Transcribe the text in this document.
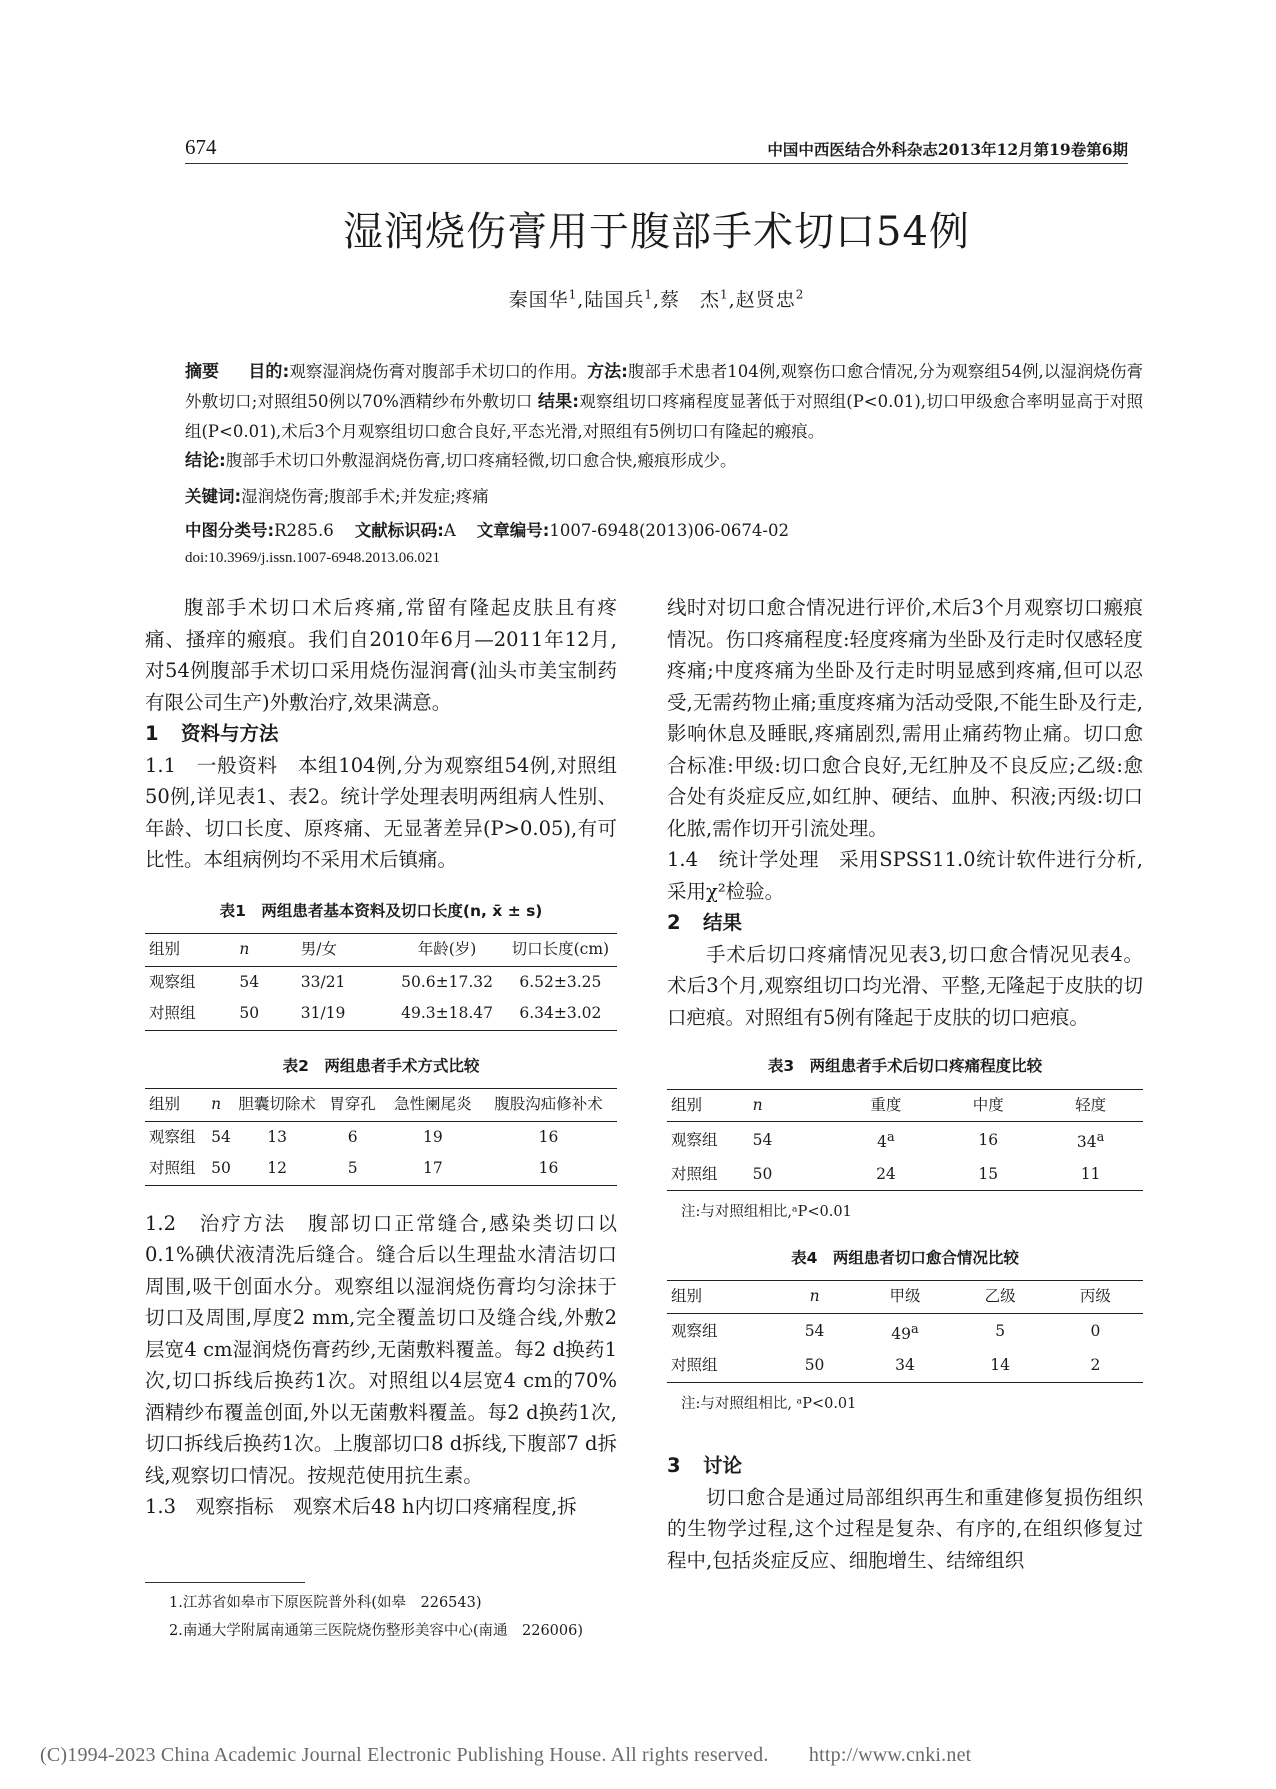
674	中国中西医结合外科杂志2013年12月第19卷第6期
湿润烧伤膏用于腹部手术切口54例
秦国华$^1$,陆国兵$^1$,蔡　杰$^1$,赵贤忠$^2$
摘要 目的:观察湿润烧伤膏对腹部手术切口的作用。方法:腹部手术患者104例,观察伤口愈合情况,分为观察组54例,以湿润烧伤膏外敷切口;对照组50例以70%酒精纱布外敷切口 结果:观察组切口疼痛程度显著低于对照组(P<0.01),切口甲级愈合率明显高于对照组(P<0.01),术后3个月观察组切口愈合良好,平态光滑,对照组有5例切口有隆起的瘢痕。
结论:腹部手术切口外敷湿润烧伤膏,切口疼痛轻微,切口愈合快,瘢痕形成少。
关键词:湿润烧伤膏;腹部手术;并发症;疼痛
中图分类号:R285.6 文献标识码:A 文章编号:1007-6948(2013)06-0674-02
doi:10.3969/j.issn.1007-6948.2013.06.021

腹部手术切口术后疼痛,常留有隆起皮肤且有疼痛、搔痒的瘢痕。我们自2010年6月—2011年12月,对54例腹部手术切口采用烧伤湿润膏(汕头市美宝制药有限公司生产)外敷治疗,效果满意。

1 资料与方法

1.1　一般资料　本组104例,分为观察组54例,对照组50例,详见表1、表2。统计学处理表明两组病人性别、年龄、切口长度、原疼痛、无显著差异(P>0.05),有可比性。本组病例均不采用术后镇痛。

表1　两组患者基本资料及切口长度(n, x̄ ± s)
组别	n	男/女	年龄(岁)	切口长度(cm)
观察组	54	33/21	50.6±17.32	6.52±3.25
对照组	50	31/19	49.3±18.47	6.34±3.02
表2　两组患者手术方式比较
组别	n	胆囊切除术	胃穿孔	急性阑尾炎	腹股沟疝修补术
观察组	54	13	6	19	16
对照组	50	12	5	17	16

1.2　治疗方法　腹部切口正常缝合,感染类切口以0.1%碘伏液清洗后缝合。缝合后以生理盐水清洁切口周围,吸干创面水分。观察组以湿润烧伤膏均匀涂抹于切口及周围,厚度2 mm,完全覆盖切口及缝合线,外敷2层宽4 cm湿润烧伤膏药纱,无菌敷料覆盖。每2 d换药1次,切口拆线后换药1次。对照组以4层宽4 cm的70%酒精纱布覆盖创面,外以无菌敷料覆盖。每2 d换药1次,切口拆线后换药1次。上腹部切口8 d拆线,下腹部7 d拆线,观察切口情况。按规范使用抗生素。

1.3　观察指标　观察术后48 h内切口疼痛程度,拆

1.江苏省如皋市下原医院普外科(如皋　226543)
2.南通大学附属南通第三医院烧伤整形美容中心(南通　226006)

线时对切口愈合情况进行评价,术后3个月观察切口瘢痕情况。伤口疼痛程度:轻度疼痛为坐卧及行走时仅感轻度疼痛;中度疼痛为坐卧及行走时明显感到疼痛,但可以忍受,无需药物止痛;重度疼痛为活动受限,不能生卧及行走,影响休息及睡眠,疼痛剧烈,需用止痛药物止痛。切口愈合标准:甲级:切口愈合良好,无红肿及不良反应;乙级:愈合处有炎症反应,如红肿、硬结、血肿、积液;丙级:切口化脓,需作切开引流处理。

1.4　统计学处理　采用SPSS11.0统计软件进行分析,采用χ²检验。

2 结果

手术后切口疼痛情况见表3,切口愈合情况见表4。术后3个月,观察组切口均光滑、平整,无隆起于皮肤的切口疤痕。对照组有5例有隆起于皮肤的切口疤痕。

表3　两组患者手术后切口疼痛程度比较
组别	n	重度	中度	轻度
观察组	54	4$^a$	16	34$^a$
对照组	50	24	15	11
注:与对照组相比,ᵃP<0.01
表4　两组患者切口愈合情况比较
组别	n	甲级	乙级	丙级
观察组	54	49$^a$	5	0
对照组	50	34	14	2
注:与对照组相比, ᵃP<0.01

3 讨论

切口愈合是通过局部组织再生和重建修复损伤组织的生物学过程,这个过程是复杂、有序的,在组织修复过程中,包括炎症反应、细胞增生、结缔组织

(C)1994-2023 China Academic Journal Electronic Publishing House. All rights reserved.　　http://www.cnki.net
